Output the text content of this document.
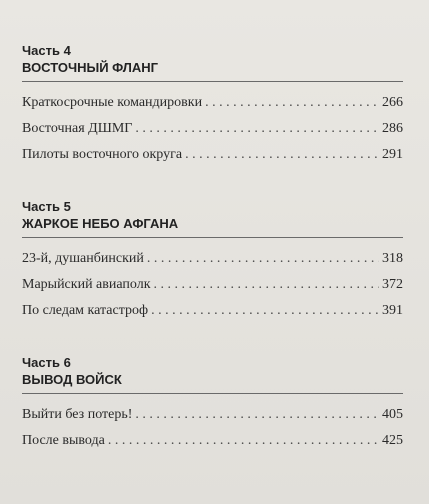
Часть 4
ВОСТОЧНЫЙ ФЛАНГ
Краткосрочные командировки . . .	266
Восточная ДШМГ . . .	286
Пилоты восточного округа . . .	291
Часть 5
ЖАРКОЕ НЕБО АФГАНА
23-й, душанбинский . . .	318
Марыйский авиаполк . . .	372
По следам катастроф . . .	391
Часть 6
ВЫВОД ВОЙСК
Выйти без потерь! . . .	405
После вывода . . .	425
